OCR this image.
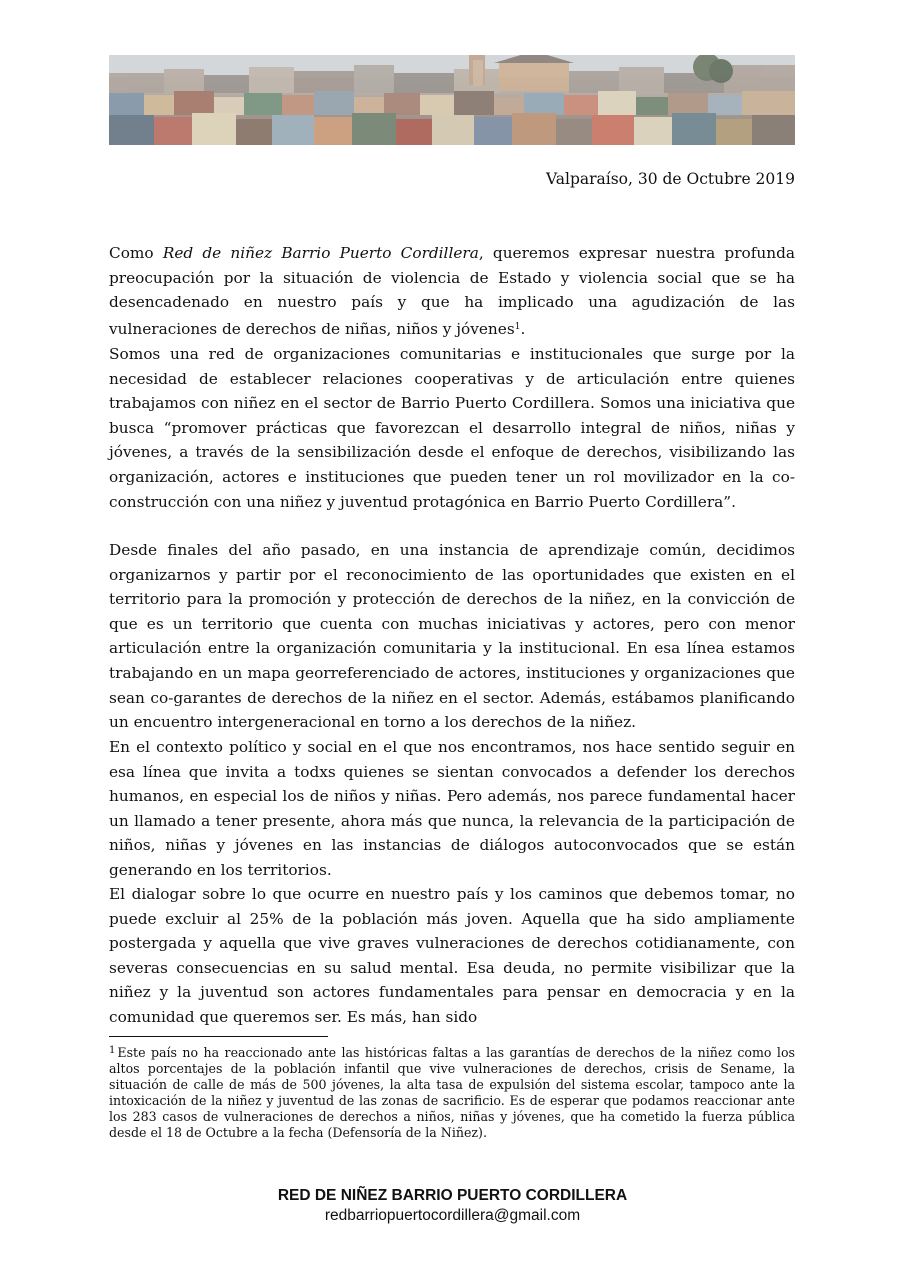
Valparaíso, 30 de Octubre 2019
Como Red de niñez Barrio Puerto Cordillera, queremos expresar nuestra profunda preocupación por la situación de violencia de Estado y violencia social que se ha desencadenado en nuestro país y que ha implicado una agudización de las vulneraciones de derechos de niñas, niños y jóvenes$^1$.
Somos una red de organizaciones comunitarias e institucionales que surge por la necesidad de establecer relaciones cooperativas y de articulación entre quienes trabajamos con niñez en el sector de Barrio Puerto Cordillera. Somos una iniciativa que busca “promover prácticas que favorezcan el desarrollo integral de niños, niñas y jóvenes, a través de la sensibilización desde el enfoque de derechos, visibilizando las organización, actores e instituciones que pueden tener un rol movilizador en la co-construcción con una niñez y juventud protagónica en Barrio Puerto Cordillera”.
Desde finales del año pasado, en una instancia de aprendizaje común, decidimos organizarnos y partir por el reconocimiento de las oportunidades que existen en el territorio para la promoción y protección de derechos de la niñez, en la convicción de que es un territorio que cuenta con muchas iniciativas y actores, pero con menor articulación entre la organización comunitaria y la institucional. En esa línea estamos trabajando en un mapa georreferenciado de actores, instituciones y organizaciones que sean co-garantes de derechos de la niñez en el sector. Además, estábamos planificando un encuentro intergeneracional en torno a los derechos de la niñez.
En el contexto político y social en el que nos encontramos, nos hace sentido seguir en esa línea que invita a todxs quienes se sientan convocados a defender los derechos humanos, en especial los de niños y niñas. Pero además, nos parece fundamental hacer un llamado a tener presente, ahora más que nunca, la relevancia de la participación de niños, niñas y jóvenes en las instancias de diálogos autoconvocados que se están generando en los territorios.
El dialogar sobre lo que ocurre en nuestro país y los caminos que debemos tomar, no puede excluir al 25% de la población más joven. Aquella que ha sido ampliamente postergada y aquella que vive graves vulneraciones de derechos cotidianamente, con severas consecuencias en su salud mental. Esa deuda, no permite visibilizar que la niñez y la juventud son actores fundamentales para pensar en democracia y en la comunidad que queremos ser. Es más, han sido
$^1$ Este país no ha reaccionado ante las históricas faltas a las garantías de derechos de la niñez como los altos porcentajes de la población infantil que vive vulneraciones de derechos, crisis de Sename, la situación de calle de más de 500 jóvenes, la alta tasa de expulsión del sistema escolar, tampoco ante la intoxicación de la niñez y juventud de las zonas de sacrificio. Es de esperar que podamos reaccionar ante los 283 casos de vulneraciones de derechos a niños, niñas y jóvenes, que ha cometido la fuerza pública desde el 18 de Octubre a la fecha (Defensoría de la Niñez).
RED DE NIÑEZ BARRIO PUERTO CORDILLERA
redbarriopuertocordillera@gmail.com
